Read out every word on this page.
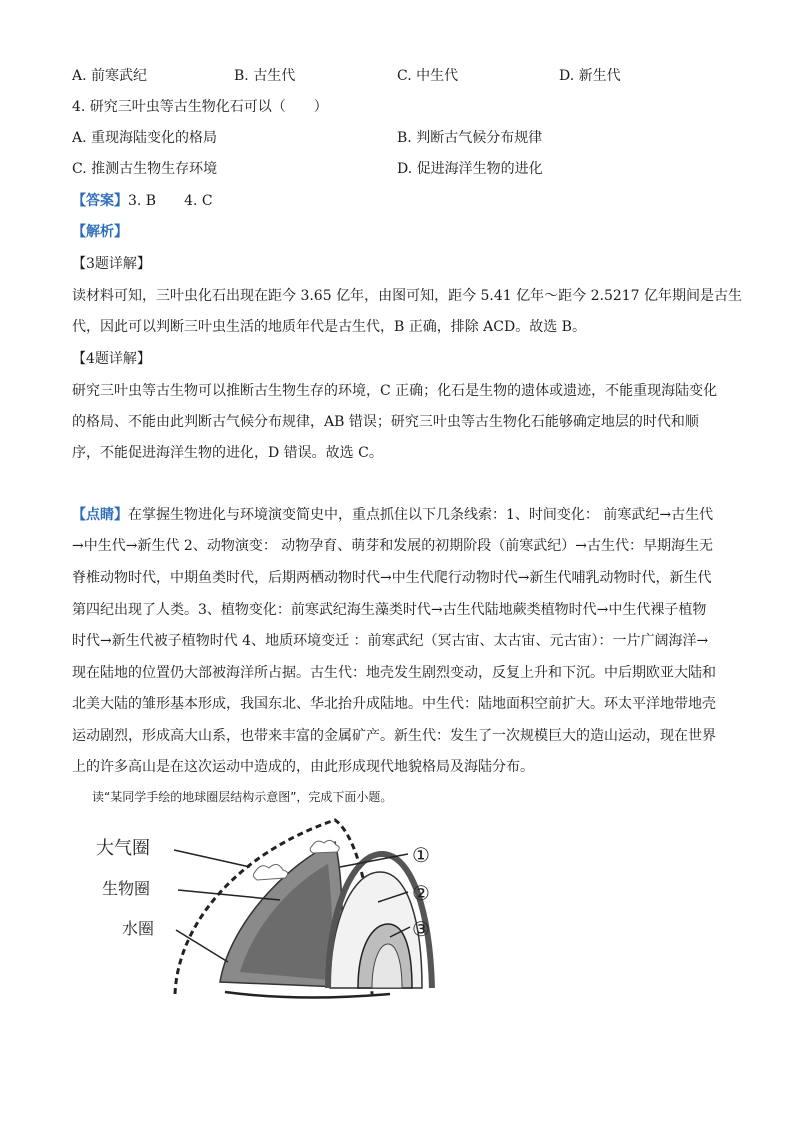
A. 前寒武纪	B. 古生代	C. 中生代	D. 新生代
4. 研究三叶虫等古生物化石可以（　　）
A. 重现海陆变化的格局	B. 判断古气候分布规律
C. 推测古生物生存环境	D. 促进海洋生物的进化
【答案】3. B　　4. C
【解析】
【3题详解】
读材料可知，三叶虫化石出现在距今 3.65 亿年，由图可知，距今 5.41 亿年～距今 2.5217 亿年期间是古生
代，因此可以判断三叶虫生活的地质年代是古生代，B 正确，排除 ACD。故选 B。
【4题详解】
研究三叶虫等古生物可以推断古生物生存的环境，C 正确；化石是生物的遗体或遗迹，不能重现海陆变化
的格局、不能由此判断古气候分布规律，AB 错误；研究三叶虫等古生物化石能够确定地层的时代和顺
序，不能促进海洋生物的进化，D 错误。故选 C。
【点睛】在掌握生物进化与环境演变简史中，重点抓住以下几条线索：1、时间变化： 前寒武纪→古生代
→中生代→新生代 2、动物演变： 动物孕育、萌芽和发展的初期阶段（前寒武纪）→古生代：早期海生无
脊椎动物时代，中期鱼类时代，后期两栖动物时代→中生代爬行动物时代→新生代哺乳动物时代，新生代
第四纪出现了人类。3、植物变化：前寒武纪海生藻类时代→古生代陆地蕨类植物时代→中生代裸子植物
时代→新生代被子植物时代 4、地质环境变迁 ：前寒武纪（冥古宙、太古宙、元古宙）：一片广阔海洋→
现在陆地的位置仍大部被海洋所占据。古生代：地壳发生剧烈变动，反复上升和下沉。中后期欧亚大陆和
北美大陆的雏形基本形成，我国东北、华北抬升成陆地。中生代：陆地面积空前扩大。环太平洋地带地壳
运动剧烈，形成高大山系，也带来丰富的金属矿产。新生代：发生了一次规模巨大的造山运动，现在世界
上的许多高山是在这次运动中造成的，由此形成现代地貌格局及海陆分布。
读“某同学手绘的地球圈层结构示意图”，完成下面小题。
大气圈
生物圈
水圈
①
②
③
